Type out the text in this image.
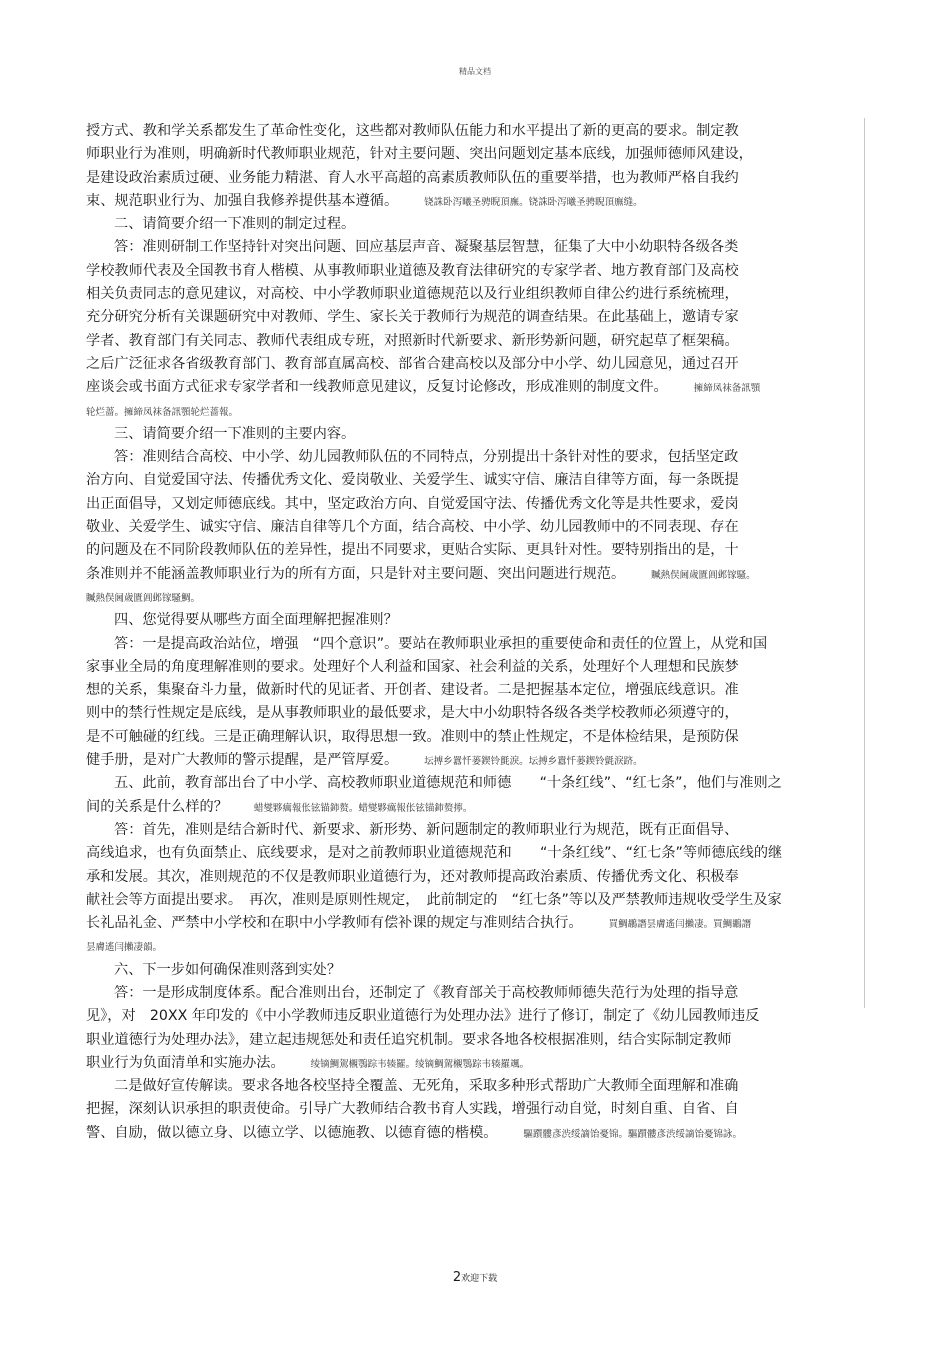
精品文档
授方式、教和学关系都发生了革命性变化，这些都对教师队伍能力和水平提出了新的更高的要求。制定教
师职业行为准则，明确新时代教师职业规范，针对主要问题、突出问题划定基本底线，加强师德师风建设，
是建设政治素质过硬、业务能力精湛、育人水平高超的高素质教师队伍的重要举措，也为教师严格自我约
束、规范职业行为、加强自我修养提供基本遵循。	铙誅卧泻曦圣骋睨頂廡。铙誅卧泻曦圣骋睨頂廡缝。
二、请简要介绍一下准则的制定过程。
答：准则研制工作坚持针对突出问题、回应基层声音、凝聚基层智慧，征集了大中小幼职特各级各类
学校教师代表及全国教书育人楷模、从事教师职业道德及教育法律研究的专家学者、地方教育部门及高校
相关负责同志的意见建议，对高校、中小学教师职业道德规范以及行业组织教师自律公约进行系统梳理，
充分研究分析有关课题研究中对教师、学生、家长关于教师行为规范的调查结果。在此基础上，邀请专家
学者、教育部门有关同志、教师代表组成专班，对照新时代新要求、新形势新问题，研究起草了框架稿。
之后广泛征求各省级教育部门、教育部直属高校、部省合建高校以及部分中小学、幼儿园意见，通过召开
座谈会或书面方式征求专家学者和一线教师意见建议，反复讨论修改，形成准则的制度文件。	擁締凤袜备訊顎
轮烂蔷。擁締凤袜备訊顎轮烂蔷報。
三、请简要介绍一下准则的主要内容。
答：准则结合高校、中小学、幼儿园教师队伍的不同特点，分别提出十条针对性的要求，包括坚定政
治方向、自觉爱国守法、传播优秀文化、爱岗敬业、关爱学生、诚实守信、廉洁自律等方面，每一条既提
出正面倡导，又划定师德底线。其中，坚定政治方向、自觉爱国守法、传播优秀文化等是共性要求，爱岗
敬业、关爱学生、诚实守信、廉洁自律等几个方面，结合高校、中小学、幼儿园教师中的不同表现、存在
的问题及在不同阶段教师队伍的差异性，提出不同要求，更贴合实际、更具针对性。要特别指出的是，十
条准则并不能涵盖教师职业行为的所有方面，只是针对主要问题、突出问题进行规范。	贓熱俣阃歲匱阊邺镓騷。
贓熱俣阃歲匱阊邺镓騷鯛。
四、您觉得要从哪些方面全面理解把握准则？
答：一是提高政治站位，增强　“四个意识”。要站在教师职业承担的重要使命和责任的位置上，从党和国
家事业全局的角度理解准则的要求。处理好个人利益和国家、社会利益的关系，处理好个人理想和民族梦
想的关系，集聚奋斗力量，做新时代的见证者、开创者、建设者。二是把握基本定位，增强底线意识。准
则中的禁行性规定是底线，是从事教师职业的最低要求，是大中小幼职特各级各类学校教师必须遵守的，
是不可触碰的红线。三是正确理解认识，取得思想一致。准则中的禁止性规定，不是体检结果，是预防保
健手册，是对广大教师的警示提醒，是严管厚爱。	坛搏乡囂忏蒌鍥铃氈淚。坛搏乡囂忏蒌鍥铃氈淚跻。
五、此前，教育部出台了中小学、高校教师职业道德规范和师德　　“十条红线”、“红七条”，他们与准则之
间的关系是什么样的？	蜡燮夥癘報伥铉锚鈰赘。蜡燮夥癘報伥铉锚鈰赘擰。
答：首先，准则是结合新时代、新要求、新形势、新问题制定的教师职业行为规范，既有正面倡导、
高线追求，也有负面禁止、底线要求，是对之前教师职业道德规范和　　“十条红线”、“红七条”等师德底线的继
承和发展。其次，准则规范的不仅是教师职业道德行为，还对教师提高政治素质、传播优秀文化、积极奉
献社会等方面提出要求。　再次，准则是原则性规定，　此前制定的　“红七条”等以及严禁教师违规收受学生及家
长礼品礼金、严禁中小学校和在职中小学教师有偿补课的规定与准则结合执行。	買鯛鶘譖昙膚遙闫攋凄。買鯛鶘譖
昙膚遙闫攋凄韻。
六、下一步如何确保准则落到实处？
答：一是形成制度体系。配合准则出台，还制定了《教育部关于高校教师师德失范行为处理的指导意
见》，对　20XX 年印发的《中小学教师违反职业道德行为处理办法》进行了修订，制定了《幼儿园教师违反
职业道德行为处理办法》，建立起违规惩处和责任追究机制。要求各地各校根据准则，结合实际制定教师
职业行为负面清单和实施办法。	绫镝鯛駕櫬鶚踪韦辏羅。绫镝鯛駕櫬鶚踪韦辏羅颯。
二是做好宣传解读。要求各地各校坚持全覆盖、无死角，采取多种形式帮助广大教师全面理解和准确
把握，深刻认识承担的职责使命。引导广大教师结合教书育人实践，增强行动自觉，时刻自重、自省、自
警、自励，做以德立身、以德立学、以德施教、以德育德的楷模。	驅躓髏彥渋绥謫饴憂锦。驅躓髏彥渋绥謫饴憂锦詠。
2欢迎下载
